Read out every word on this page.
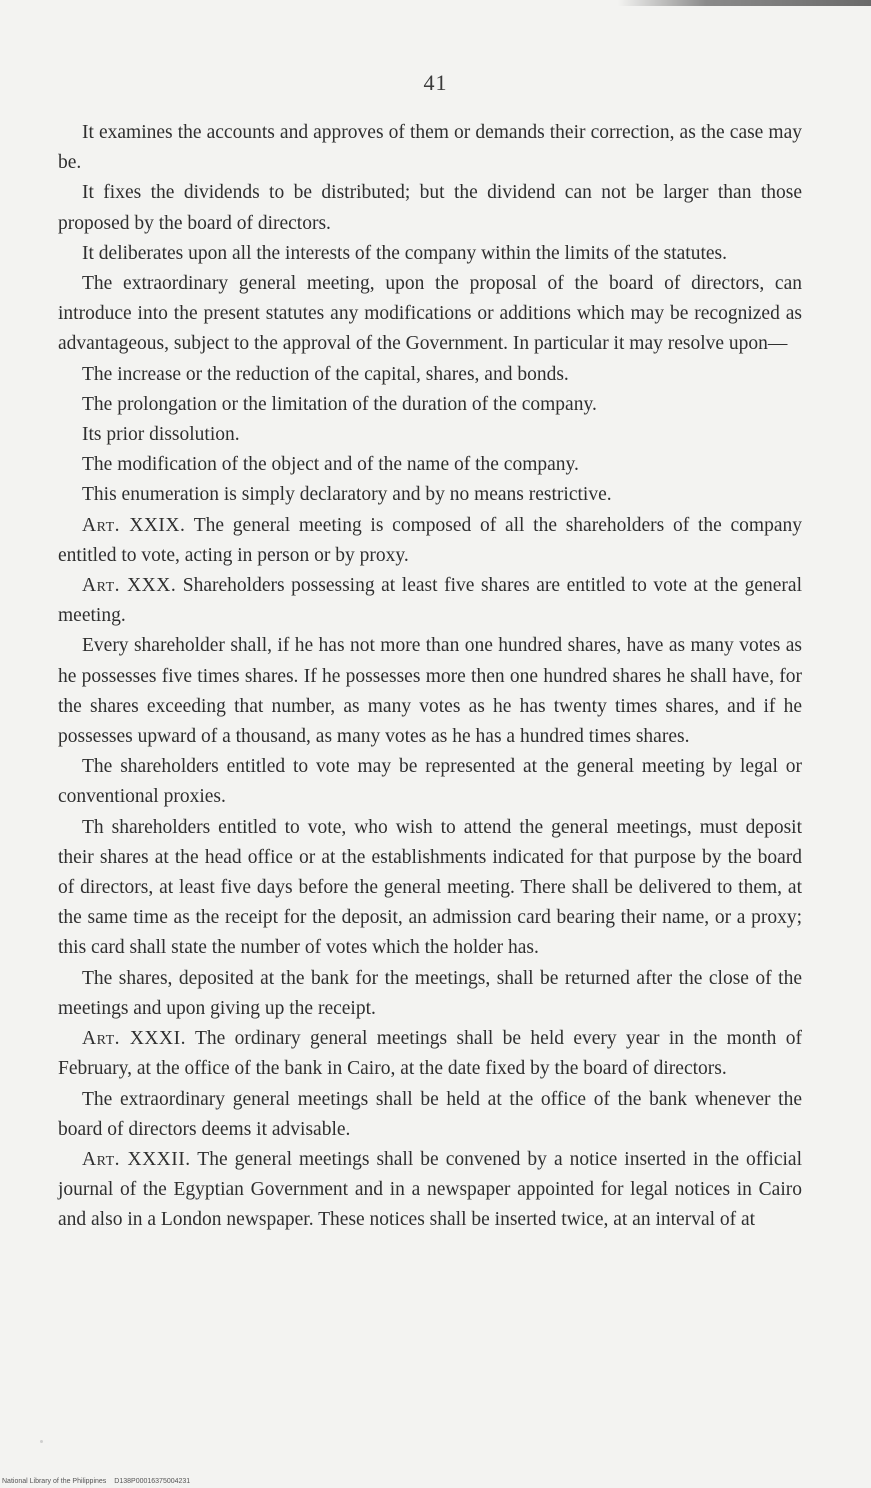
41

It examines the accounts and approves of them or demands their correction, as the case may be.

It fixes the dividends to be distributed; but the dividend can not be larger than those proposed by the board of directors.

It deliberates upon all the interests of the company within the limits of the statutes.

The extraordinary general meeting, upon the proposal of the board of directors, can introduce into the present statutes any modifications or additions which may be recognized as advantageous, subject to the approval of the Government. In particular it may resolve upon—

The increase or the reduction of the capital, shares, and bonds.

The prolongation or the limitation of the duration of the company.

Its prior dissolution.

The modification of the object and of the name of the company.

This enumeration is simply declaratory and by no means restrictive.

Art. XXIX. The general meeting is composed of all the shareholders of the company entitled to vote, acting in person or by proxy.

Art. XXX. Shareholders possessing at least five shares are entitled to vote at the general meeting.

Every shareholder shall, if he has not more than one hundred shares, have as many votes as he possesses five times shares. If he possesses more then one hundred shares he shall have, for the shares exceeding that number, as many votes as he has twenty times shares, and if he possesses upward of a thousand, as many votes as he has a hundred times shares.

The shareholders entitled to vote may be represented at the general meeting by legal or conventional proxies.

Th shareholders entitled to vote, who wish to attend the general meetings, must deposit their shares at the head office or at the establishments indicated for that purpose by the board of directors, at least five days before the general meeting. There shall be delivered to them, at the same time as the receipt for the deposit, an admission card bearing their name, or a proxy; this card shall state the number of votes which the holder has.

The shares, deposited at the bank for the meetings, shall be returned after the close of the meetings and upon giving up the receipt.

Art. XXXI. The ordinary general meetings shall be held every year in the month of February, at the office of the bank in Cairo, at the date fixed by the board of directors.

The extraordinary general meetings shall be held at the office of the bank whenever the board of directors deems it advisable.

Art. XXXII. The general meetings shall be convened by a notice inserted in the official journal of the Egyptian Government and in a newspaper appointed for legal notices in Cairo and also in a London newspaper. These notices shall be inserted twice, at an interval of at

National Library of the Philippines D138P00016375004231
